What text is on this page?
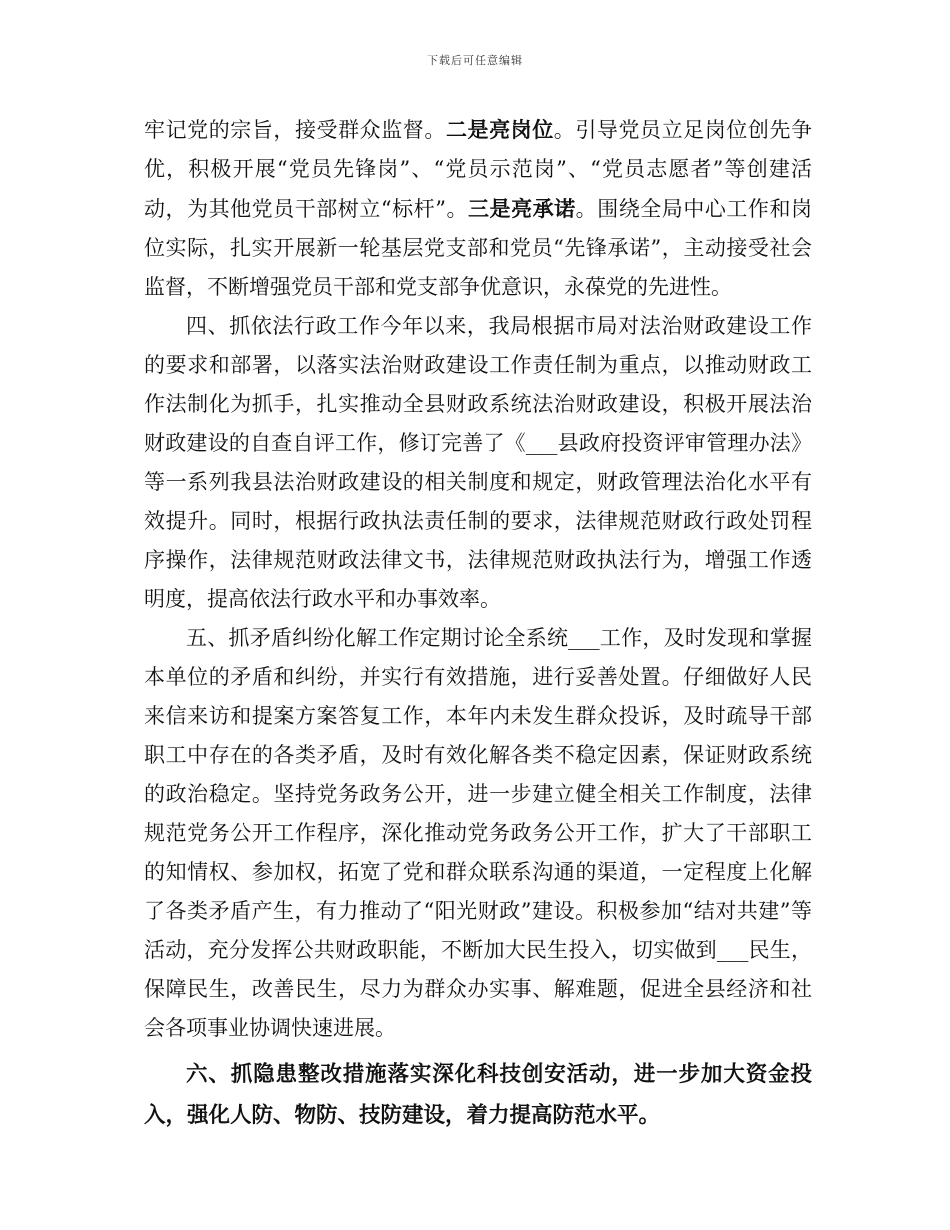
下载后可任意编辑

牢记党的宗旨，接受群众监督。二是亮岗位。引导党员立足岗位创先争优，积极开展“党员先锋岗”、“党员示范岗”、“党员志愿者”等创建活动，为其他党员干部树立“标杆”。三是亮承诺。围绕全局中心工作和岗位实际，扎实开展新一轮基层党支部和党员“先锋承诺”，主动接受社会监督，不断增强党员干部和党支部争优意识，永葆党的先进性。

四、抓依法行政工作今年以来，我局根据市局对法治财政建设工作的要求和部署，以落实法治财政建设工作责任制为重点，以推动财政工作法制化为抓手，扎实推动全县财政系统法治财政建设，积极开展法治财政建设的自查自评工作，修订完善了《___县政府投资评审管理办法》等一系列我县法治财政建设的相关制度和规定，财政管理法治化水平有效提升。同时，根据行政执法责任制的要求，法律规范财政行政处罚程序操作，法律规范财政法律文书，法律规范财政执法行为，增强工作透明度，提高依法行政水平和办事效率。

五、抓矛盾纠纷化解工作定期讨论全系统___工作，及时发现和掌握本单位的矛盾和纠纷，并实行有效措施，进行妥善处置。仔细做好人民来信来访和提案方案答复工作，本年内未发生群众投诉，及时疏导干部职工中存在的各类矛盾，及时有效化解各类不稳定因素，保证财政系统的政治稳定。坚持党务政务公开，进一步建立健全相关工作制度，法律规范党务公开工作程序，深化推动党务政务公开工作，扩大了干部职工的知情权、参加权，拓宽了党和群众联系沟通的渠道，一定程度上化解了各类矛盾产生，有力推动了“阳光财政”建设。积极参加“结对共建”等活动，充分发挥公共财政职能，不断加大民生投入，切实做到___民生，保障民生，改善民生，尽力为群众办实事、解难题，促进全县经济和社会各项事业协调快速进展。

六、抓隐患整改措施落实深化科技创安活动，进一步加大资金投入，强化人防、物防、技防建设，着力提高防范水平。
